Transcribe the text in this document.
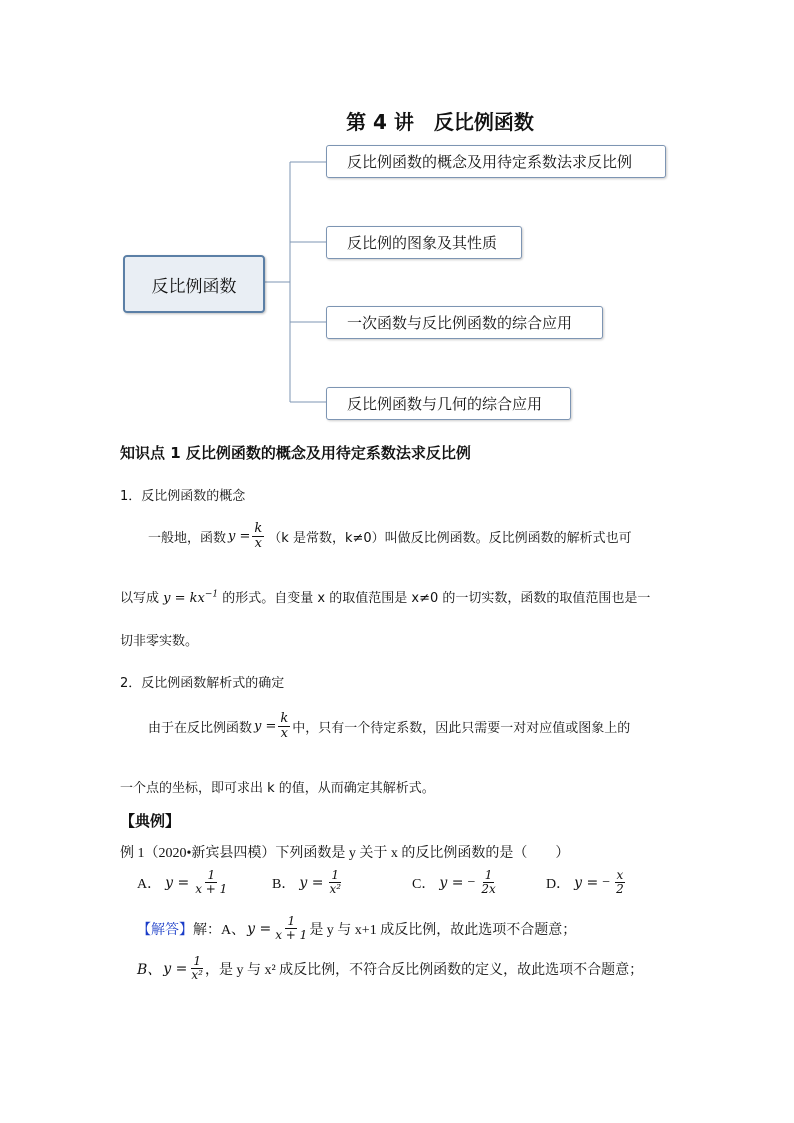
第 4 讲　反比例函数
反比例函数
反比例函数的概念及用待定系数法求反比例
反比例的图象及其性质
一次函数与反比例函数的综合应用
反比例函数与几何的综合应用
知识点 1 反比例函数的概念及用待定系数法求反比例
1．反比例函数的概念
一般地，函数 $y = \frac{k}{x} (k$ 是常数，k≠0）叫做反比例函数。反比例函数的解析式也可
以写成 $y = kx^{-1}$ 的形式。自变量 x 的取值范围是 x≠0 的一切实数，函数的取值范围也是一
切非零实数。
2．反比例函数解析式的确定
由于在反比例函数 $y = \frac{k}{x}$ 中，只有一个待定系数，因此只需要一对对应值或图象上的
一个点的坐标，即可求出 k 的值，从而确定其解析式。
【典例】
例 1（2020•新宾县四模）下列函数是 y 关于 x 的反比例函数的是（　　）
A． $y = \frac{1}{x + 1}$	B． $y = \frac{1}{\text{x²}}$	C． y = − $\frac{1}{2x}$	D． y = − $\frac{x}{2}$
【解答】 解：A、 $y = \frac{1}{x + 1}$ 是 y 与 x+1 成反比例，故此选项不合题意；
B、 $y = \frac{1}{\text{x²}}$ ，是 y 与 x² 成反比例，不符合反比例函数的定义，故此选项不合题意；
